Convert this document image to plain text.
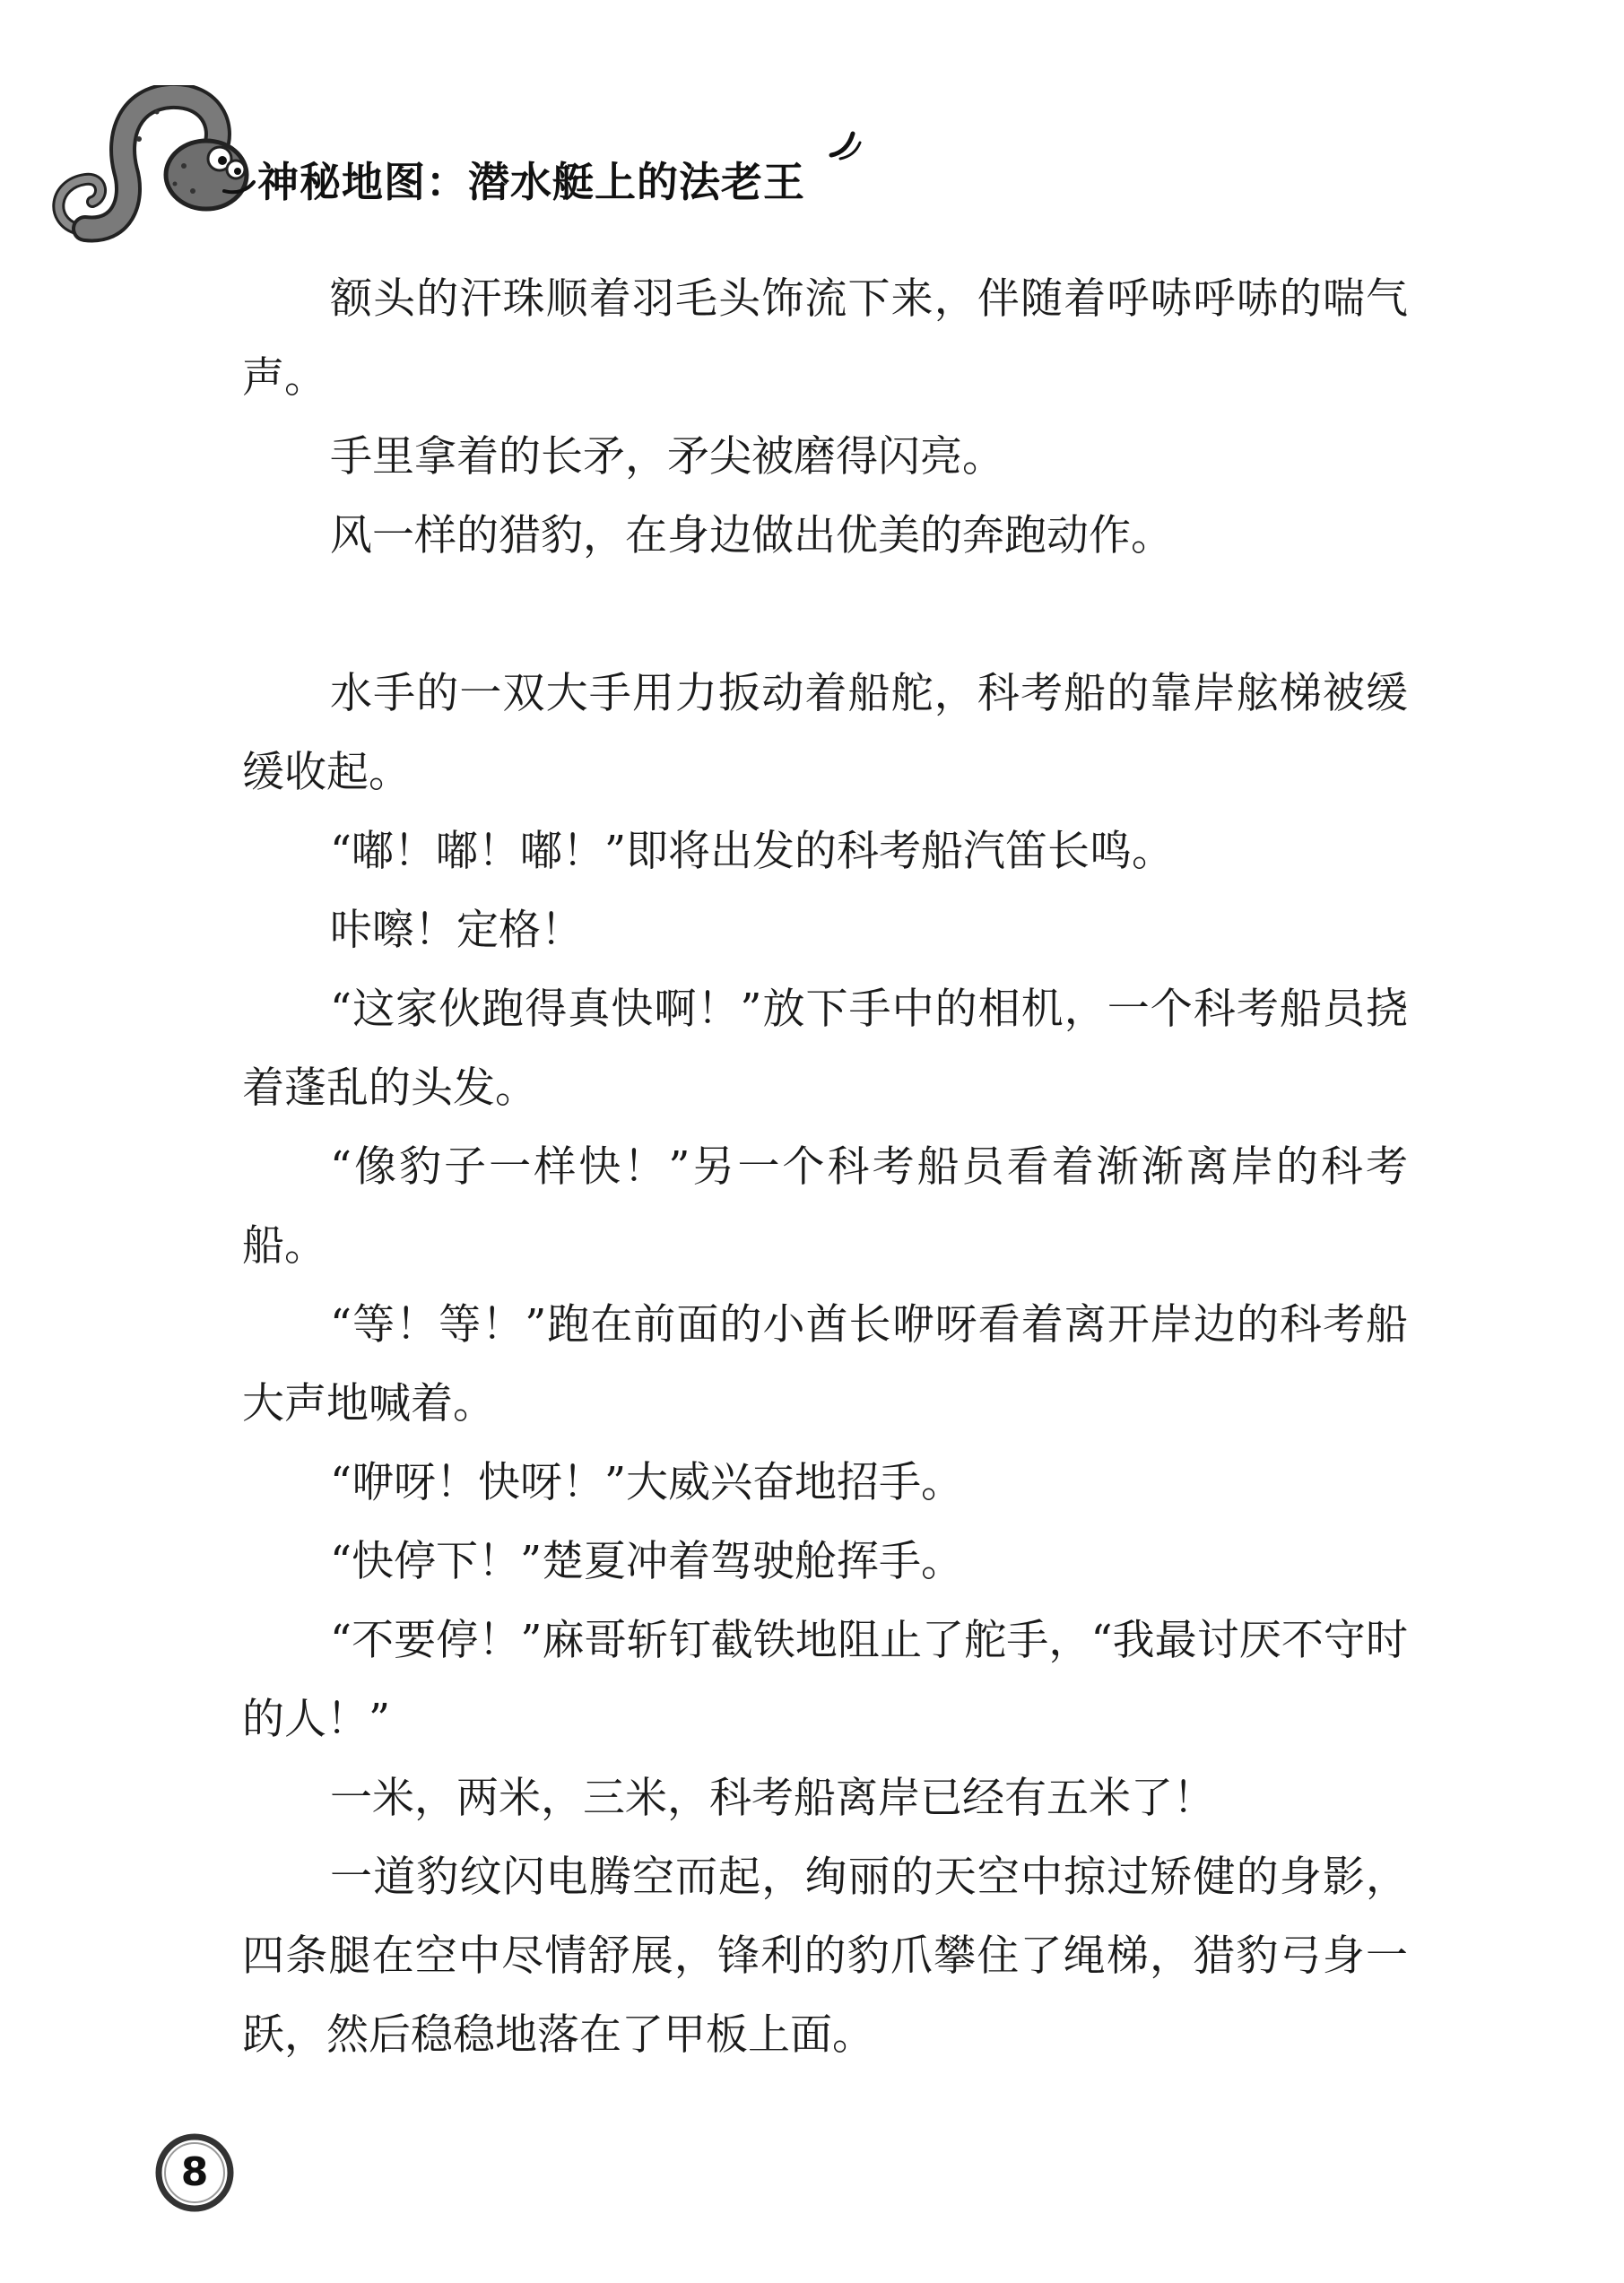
神秘地图：潜水艇上的法老王

额头的汗珠顺着羽毛头饰流下来，伴随着呼哧呼哧的喘气声。

手里拿着的长矛，矛尖被磨得闪亮。

风一样的猎豹，在身边做出优美的奔跑动作。

水手的一双大手用力扳动着船舵，科考船的靠岸舷梯被缓缓收起。

“嘟！嘟！嘟！”即将出发的科考船汽笛长鸣。

咔嚓！定格！

“这家伙跑得真快啊！”放下手中的相机，一个科考船员挠着蓬乱的头发。

“像豹子一样快！”另一个科考船员看着渐渐离岸的科考船。

“等！等！”跑在前面的小酋长咿呀看着离开岸边的科考船大声地喊着。

“咿呀！快呀！”大威兴奋地招手。

“快停下！”楚夏冲着驾驶舱挥手。

“不要停！”麻哥斩钉截铁地阻止了舵手，“我最讨厌不守时的人！”

一米，两米，三米，科考船离岸已经有五米了！

一道豹纹闪电腾空而起，绚丽的天空中掠过矫健的身影，四条腿在空中尽情舒展，锋利的豹爪攀住了绳梯，猎豹弓身一跃，然后稳稳地落在了甲板上面。

8
